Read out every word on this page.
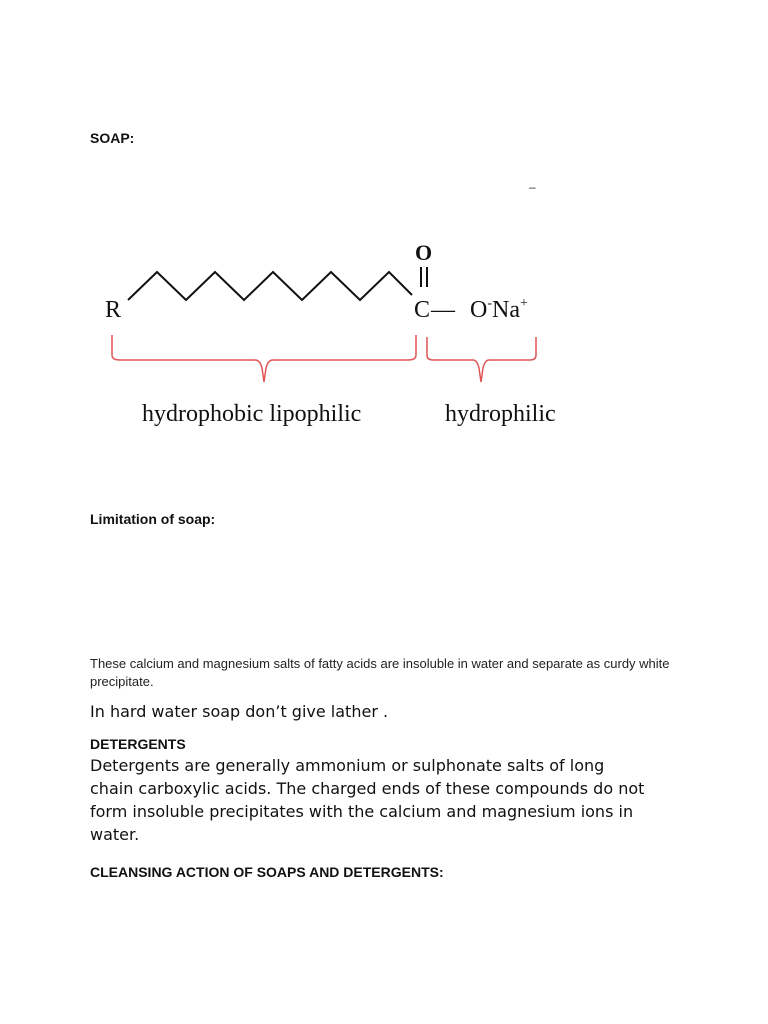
SOAP:
–
R
O
C— O-Na+
hydrophobic lipophilic	hydrophilic
Limitation of soap:
These calcium and magnesium salts of fatty acids are insoluble in water and separate as curdy white precipitate.
In hard water soap don’t give lather .
DETERGENTS
Detergents are generally ammonium or sulphonate salts of long chain carboxylic acids. The charged ends of these compounds do not form insoluble precipitates with the calcium and magnesium ions in water.
CLEANSING ACTION OF SOAPS AND DETERGENTS:
